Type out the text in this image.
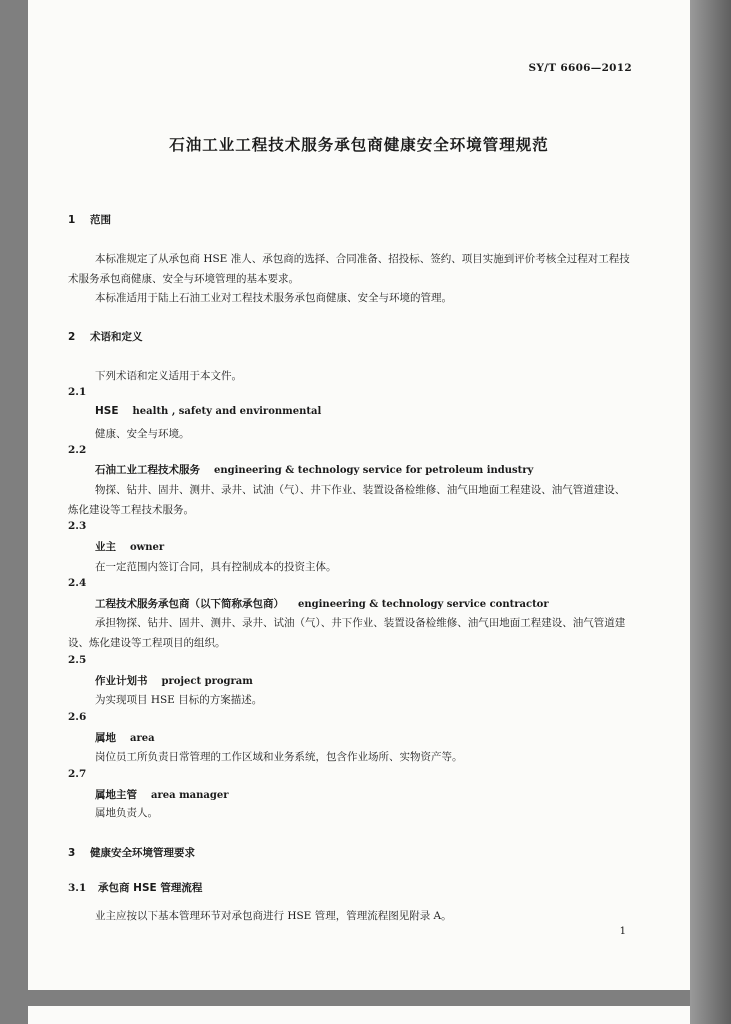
SY/T 6606—2012
石油工业工程技术服务承包商健康安全环境管理规范
1 范围
本标准规定了从承包商 HSE 准人、承包商的选择、合同准备、招投标、签约、项目实施到评价考核全过程对工程技术服务承包商健康、安全与环境管理的基本要求。
本标准适用于陆上石油工业对工程技术服务承包商健康、安全与环境的管理。
2 术语和定义
下列术语和定义适用于本文件。
2.1
HSE health , safety and environmental
健康、安全与环境。
2.2
石油工业工程技术服务 engineering & technology service for petroleum industry
物探、钻井、固井、测井、录井、试油（气）、井下作业、装置设备检维修、油气田地面工程建设、油气管道建设、炼化建设等工程技术服务。
2.3
业主 owner
在一定范围内签订合同，具有控制成本的投资主体。
2.4
工程技术服务承包商（以下简称承包商） engineering & technology service contractor
承担物探、钻井、固井、测井、录井、试油（气）、井下作业、装置设备检维修、油气田地面工程建设、油气管道建设、炼化建设等工程项目的组织。
2.5
作业计划书 project program
为实现项目 HSE 目标的方案描述。
2.6
属地 area
岗位员工所负责日常管理的工作区域和业务系统，包含作业场所、实物资产等。
2.7
属地主管 area manager
属地负责人。
3 健康安全环境管理要求
3.1 承包商 HSE 管理流程
业主应按以下基本管理环节对承包商进行 HSE 管理，管理流程图见附录 A。
1
